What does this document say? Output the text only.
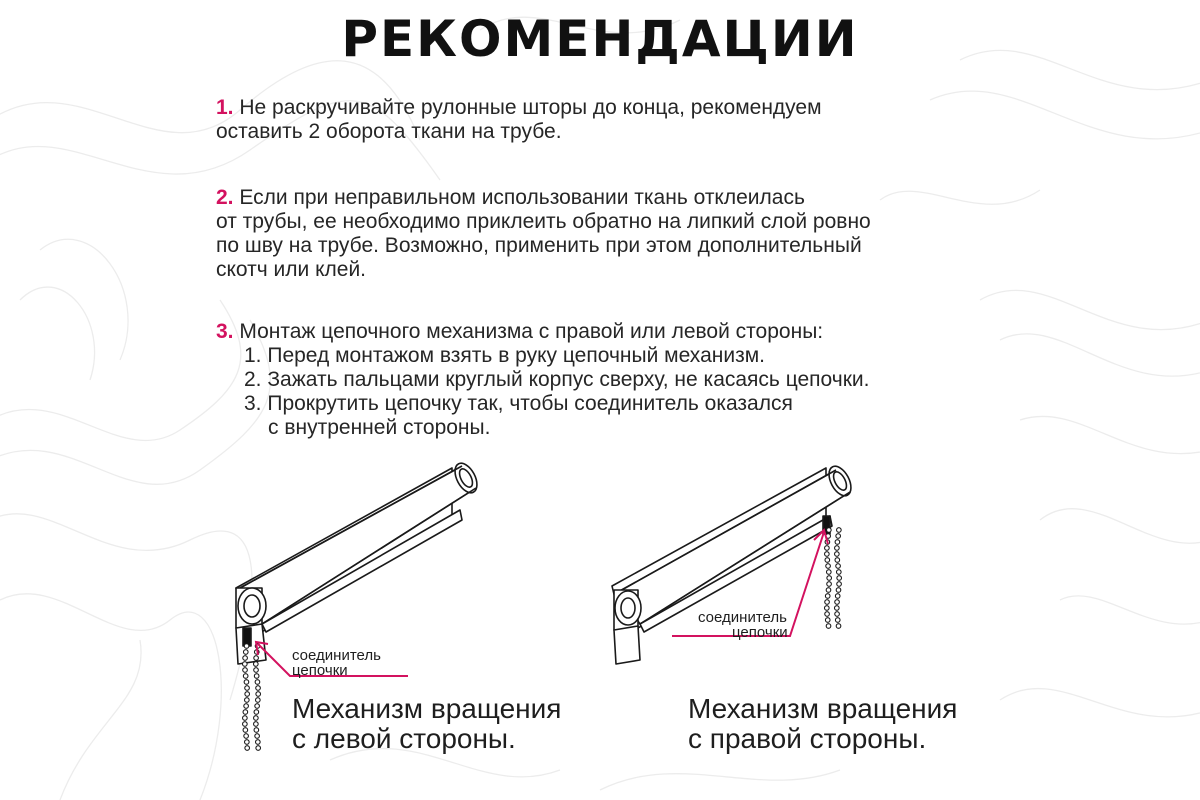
РЕКОМЕНДАЦИИ
1. Не раскручивайте рулонные шторы до конца, рекомендуем
оставить 2 оборота ткани на трубе.
2. Если при неправильном использовании ткань отклеилась
от трубы, ее необходимо приклеить обратно на липкий слой ровно
по шву на трубе. Возможно, применить при этом дополнительный
скотч или клей.
3. Монтаж цепочного механизма с правой или левой стороны:
1. Перед монтажом взять в руку цепочный механизм.
2. Зажать пальцами круглый корпус сверху, не касаясь цепочки.
3. Прокрутить цепочку так, чтобы соединитель оказался
с внутренней стороны.
соединитель
цепочки
соединитель
цепочки
Механизм вращения
с левой стороны.
Механизм вращения
с правой стороны.
